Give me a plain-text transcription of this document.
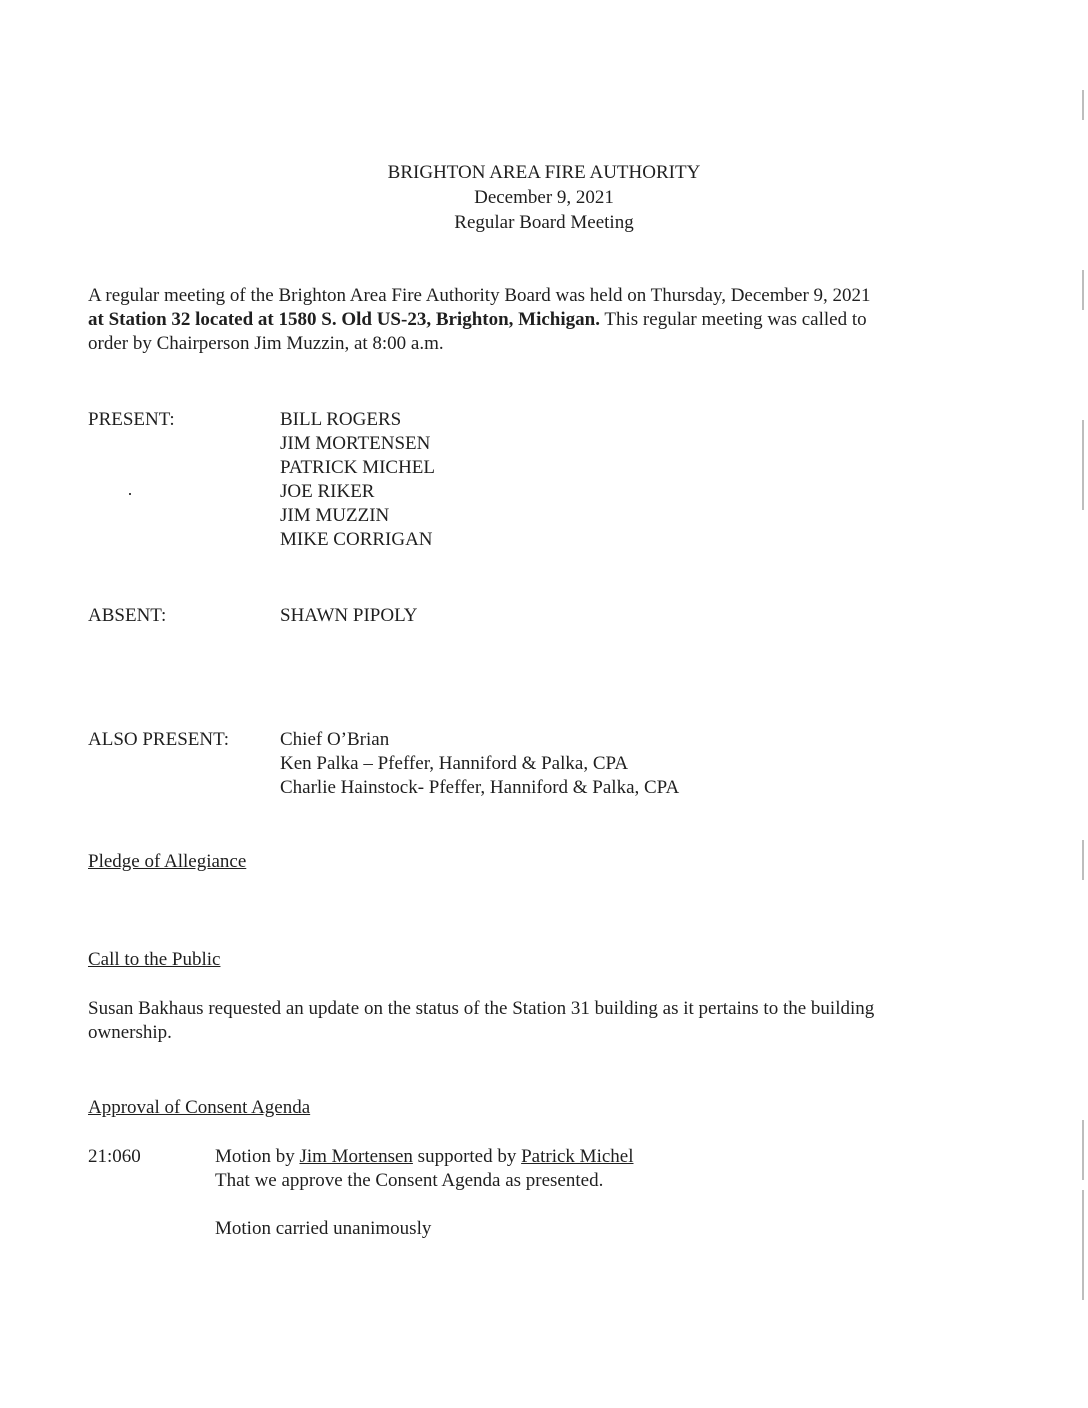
BRIGHTON AREA FIRE AUTHORITY
December 9, 2021
Regular Board Meeting
A regular meeting of the Brighton Area Fire Authority Board was held on Thursday, December 9, 2021
at Station 32 located at 1580 S. Old US-23, Brighton, Michigan. This regular meeting was called to
order by Chairperson Jim Muzzin, at 8:00 a.m.
PRESENT:	BILL ROGERS
JIM MORTENSEN
PATRICK MICHEL
JOE RIKER
JIM MUZZIN
MIKE CORRIGAN
ABSENT:	SHAWN PIPOLY
ALSO PRESENT:	Chief O’Brian
Ken Palka – Pfeffer, Hanniford & Palka, CPA
Charlie Hainstock- Pfeffer, Hanniford & Palka, CPA
Pledge of Allegiance
Call to the Public
Susan Bakhaus requested an update on the status of the Station 31 building as it pertains to the building
ownership.
Approval of Consent Agenda
21:060	Motion by Jim Mortensen supported by Patrick Michel
That we approve the Consent Agenda as presented.
Motion carried unanimously
